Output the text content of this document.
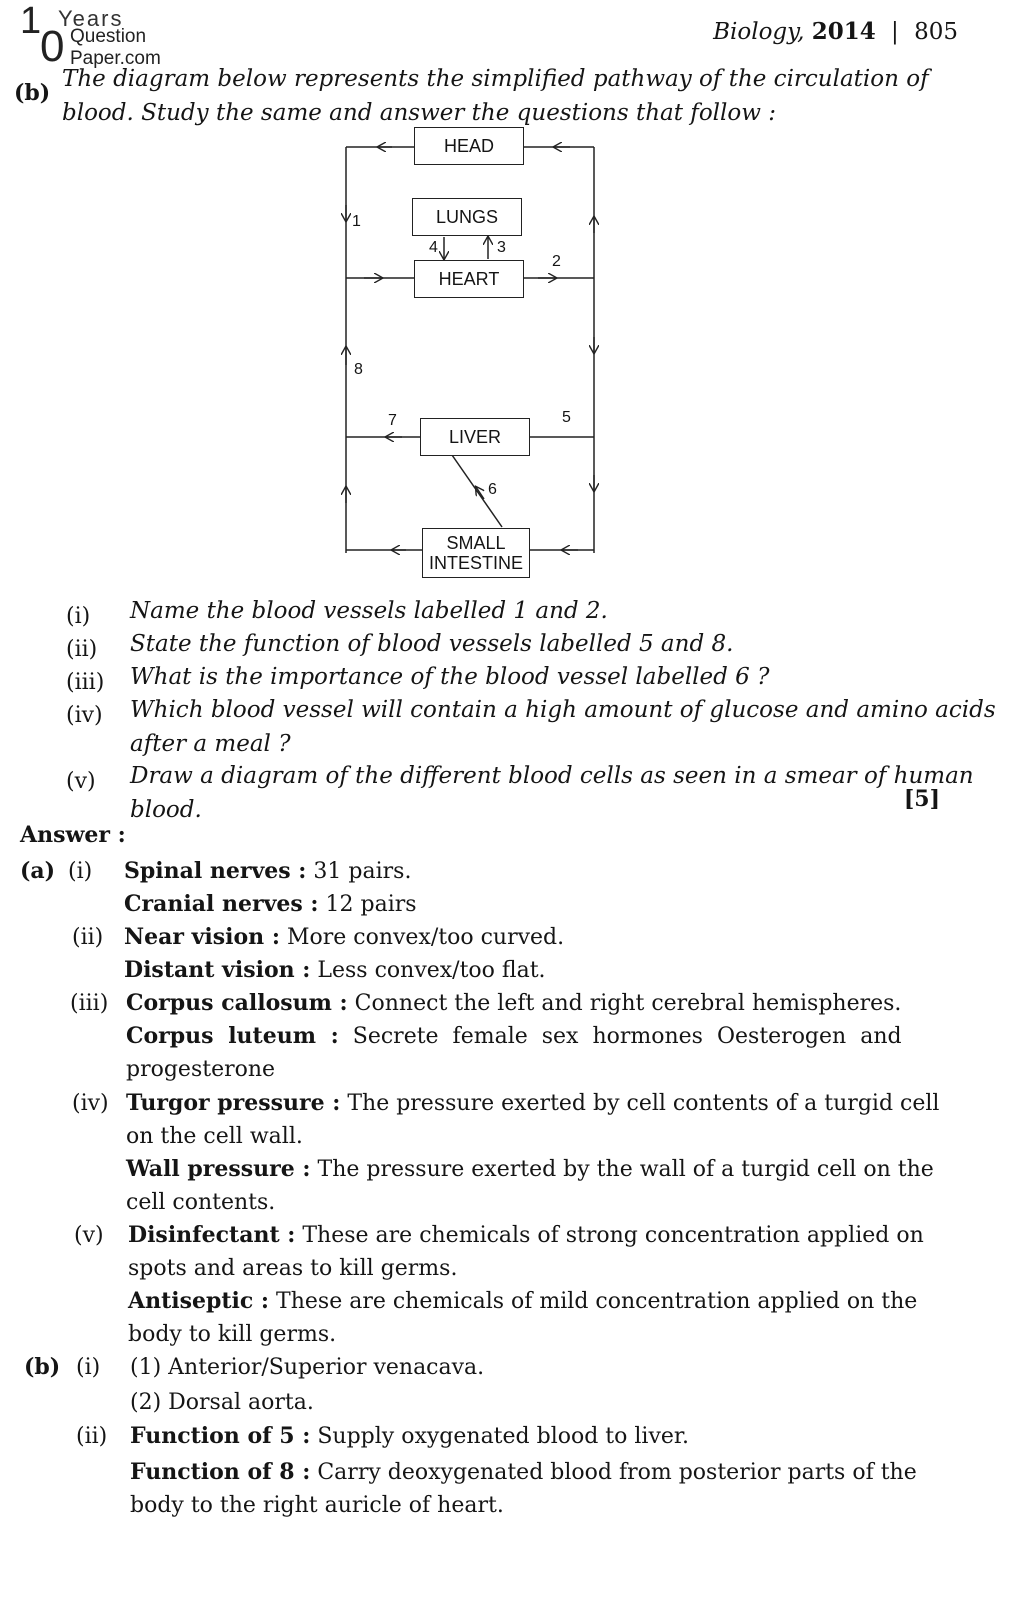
1
0
Years
Question
Paper.com
Biology, 2014 | 805
(b)
The diagram below represents the simplified pathway of the circulation of
blood. Study the same and answer the questions that follow :
HEAD
LUNGS
HEART
LIVER
SMALL
INTESTINE
1
2
3
4
5
6
7
8
(i) Name the blood vessels labelled 1 and 2.
(ii) State the function of blood vessels labelled 5 and 8.
(iii) What is the importance of the blood vessel labelled 6 ?
(iv) Which blood vessel will contain a high amount of glucose and amino acids
after a meal ?
(v) Draw a diagram of the different blood cells as seen in a smear of human
blood.	[5]
Answer :
(a) (i) Spinal nerves : 31 pairs.
Cranial nerves : 12 pairs
(ii) Near vision : More convex/too curved.
Distant vision : Less convex/too flat.
(iii) Corpus callosum : Connect the left and right cerebral hemispheres.
Corpus luteum : Secrete female sex hormones Oesterogen and
progesterone
(iv) Turgor pressure : The pressure exerted by cell contents of a turgid cell
on the cell wall.
Wall pressure : The pressure exerted by the wall of a turgid cell on the
cell contents.
(v) Disinfectant : These are chemicals of strong concentration applied on
spots and areas to kill germs.
Antiseptic : These are chemicals of mild concentration applied on the
body to kill germs.
(b) (i) (1) Anterior/Superior venacava.
(2) Dorsal aorta.
(ii) Function of 5 : Supply oxygenated blood to liver.
Function of 8 : Carry deoxygenated blood from posterior parts of the
body to the right auricle of heart.
